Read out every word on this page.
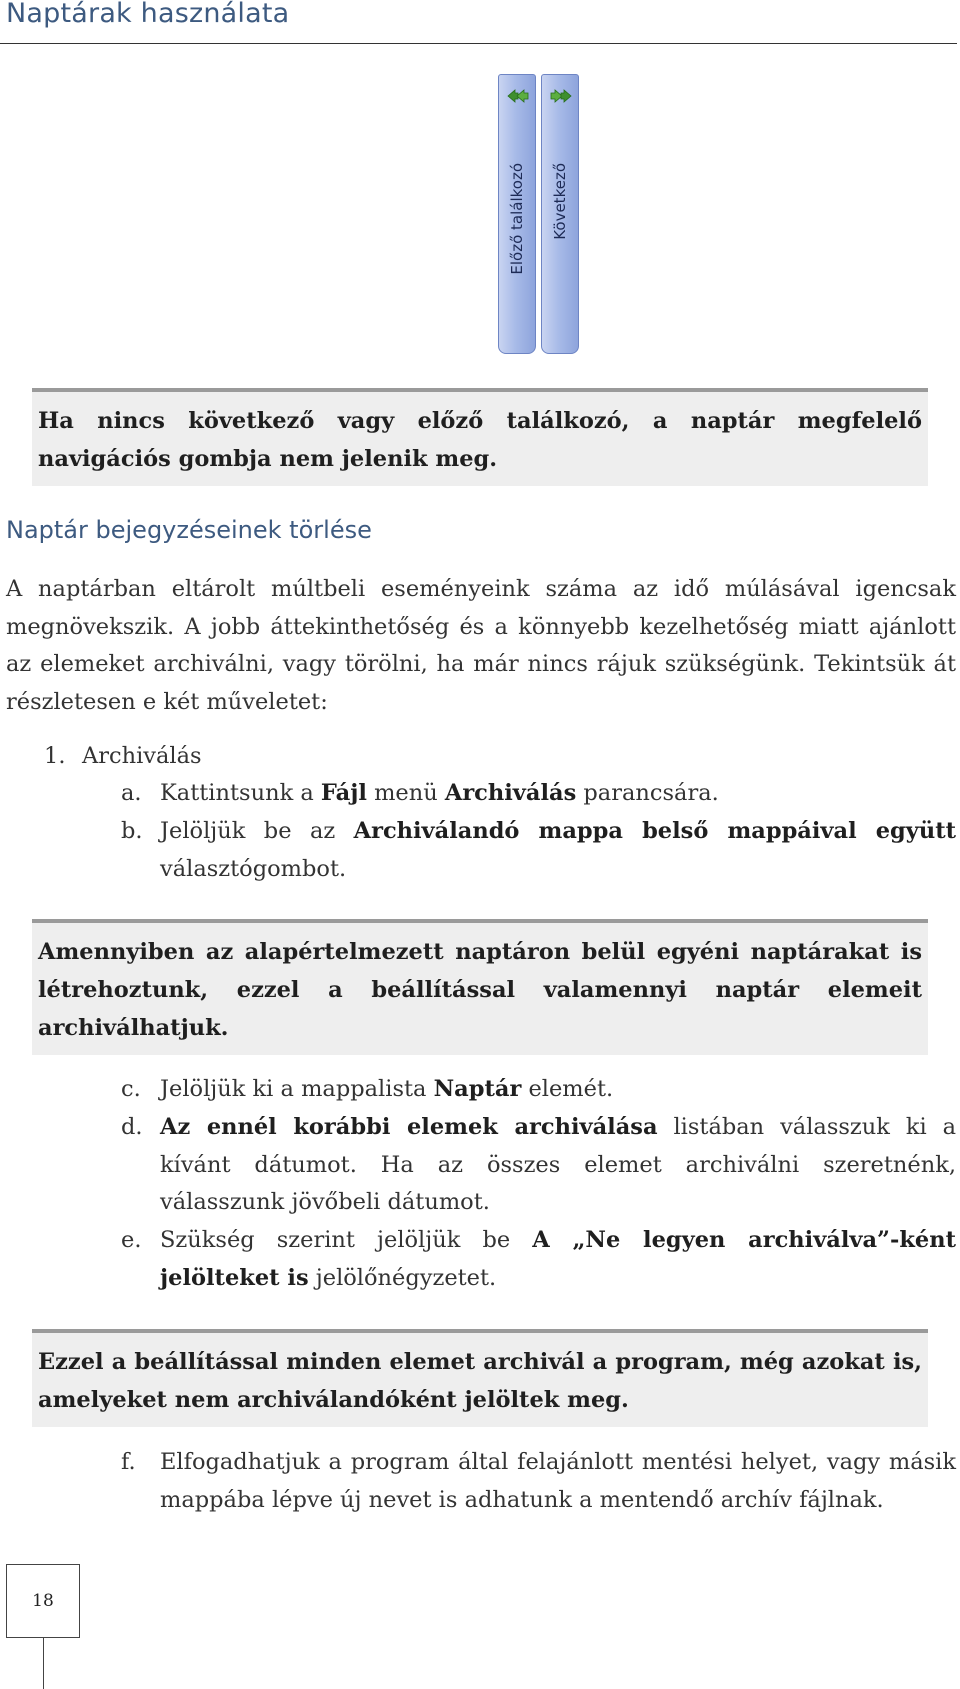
Naptárak használata
Előző találkozó Következő
Ha nincs következő vagy előző találkozó, a naptár megfelelő navigációs gombja nem jelenik meg.
Naptár bejegyzéseinek törlése

A naptárban eltárolt múltbeli eseményeink száma az idő múlásával igencsak megnövekszik. A jobb áttekinthetőség és a könnyebb kezelhetőség miatt ajánlott az elemeket archiválni, vagy törölni, ha már nincs rájuk szükségünk. Tekintsük át részletesen e két műveletet:

1. Archiválás
a. Kattintsunk a Fájl menü Archiválás parancsára.
b. Jelöljük be az Archiválandó mappa belső mappáival együtt választógombot.
Amennyiben az alapértelmezett naptáron belül egyéni naptárakat is létrehoztunk, ezzel a beállítással valamennyi naptár elemeit archiválhatjuk.
c. Jelöljük ki a mappalista Naptár elemét.
d. Az ennél korábbi elemek archiválása listában válasszuk ki a kívánt dátumot. Ha az összes elemet archiválni szeretnénk, válasszunk jövőbeli dátumot.
e. Szükség szerint jelöljük be A „Ne legyen archiválva”-ként jelölteket is jelölőnégyzetet.
Ezzel a beállítással minden elemet archivál a program, még azokat is, amelyeket nem archiválandóként jelöltek meg.
f. Elfogadhatjuk a program által felajánlott mentési helyet, vagy másik mappába lépve új nevet is adhatunk a mentendő archív fájlnak.
18
